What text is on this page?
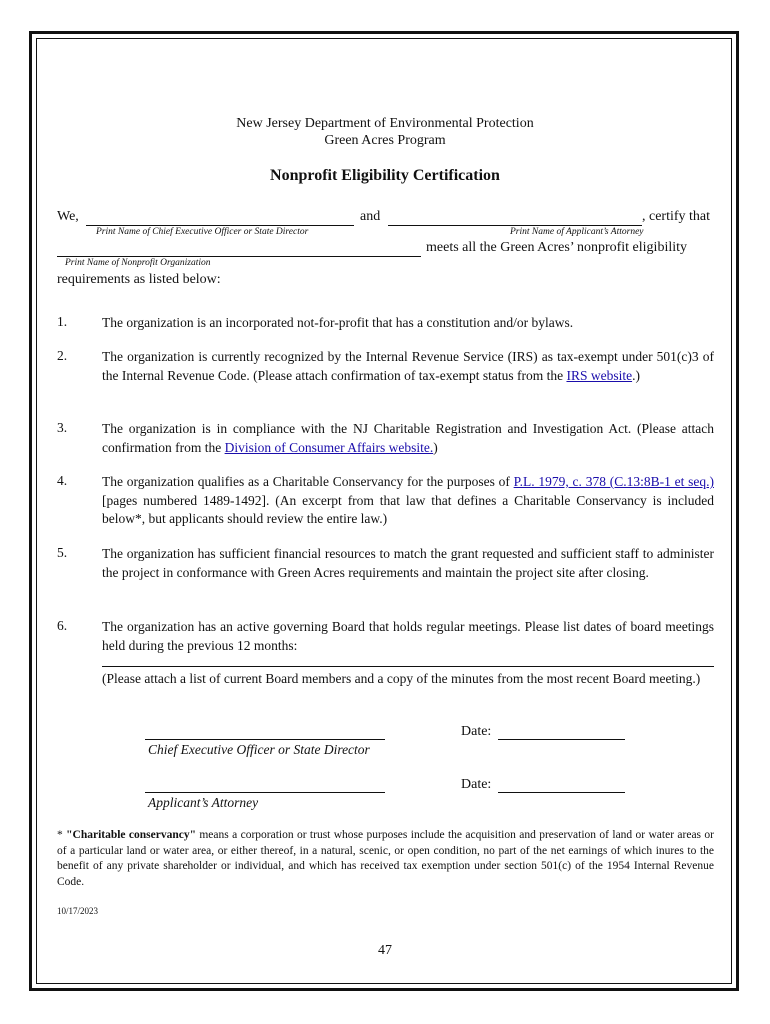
New Jersey Department of Environmental Protection
Green Acres Program
Nonprofit Eligibility Certification
We,	and	, certify that
Print Name of Chief Executive Officer or State Director	Print Name of Applicant’s Attorney
meets all the Green Acres’ nonprofit eligibility
Print Name of Nonprofit Organization
requirements as listed below:
1.	The organization is an incorporated not-for-profit that has a constitution and/or bylaws.
2.	The organization is currently recognized by the Internal Revenue Service (IRS) as tax-exempt under 501(c)3 of the Internal Revenue Code. (Please attach confirmation of tax-exempt status from the IRS website.)
3.	The organization is in compliance with the NJ Charitable Registration and Investigation Act. (Please attach confirmation from the Division of Consumer Affairs website.)
4.	The organization qualifies as a Charitable Conservancy for the purposes of P.L. 1979, c. 378 (C.13:8B-1 et seq.) [pages numbered 1489-1492]. (An excerpt from that law that defines a Charitable Conservancy is included below*, but applicants should review the entire law.)
5.	The organization has sufficient financial resources to match the grant requested and sufficient staff to administer the project in conformance with Green Acres requirements and maintain the project site after closing.
6.	The organization has an active governing Board that holds regular meetings. Please list dates of board meetings held during the previous 12 months:
(Please attach a list of current Board members and a copy of the minutes from the most recent Board meeting.)
Chief Executive Officer or State Director
Date:
Applicant’s Attorney
Date:
* "Charitable conservancy" means a corporation or trust whose purposes include the acquisition and preservation of land or water areas or of a particular land or water area, or either thereof, in a natural, scenic, or open condition, no part of the net earnings of which inures to the benefit of any private shareholder or individual, and which has received tax exemption under section 501(c) of the 1954 Internal Revenue Code.
10/17/2023
47
